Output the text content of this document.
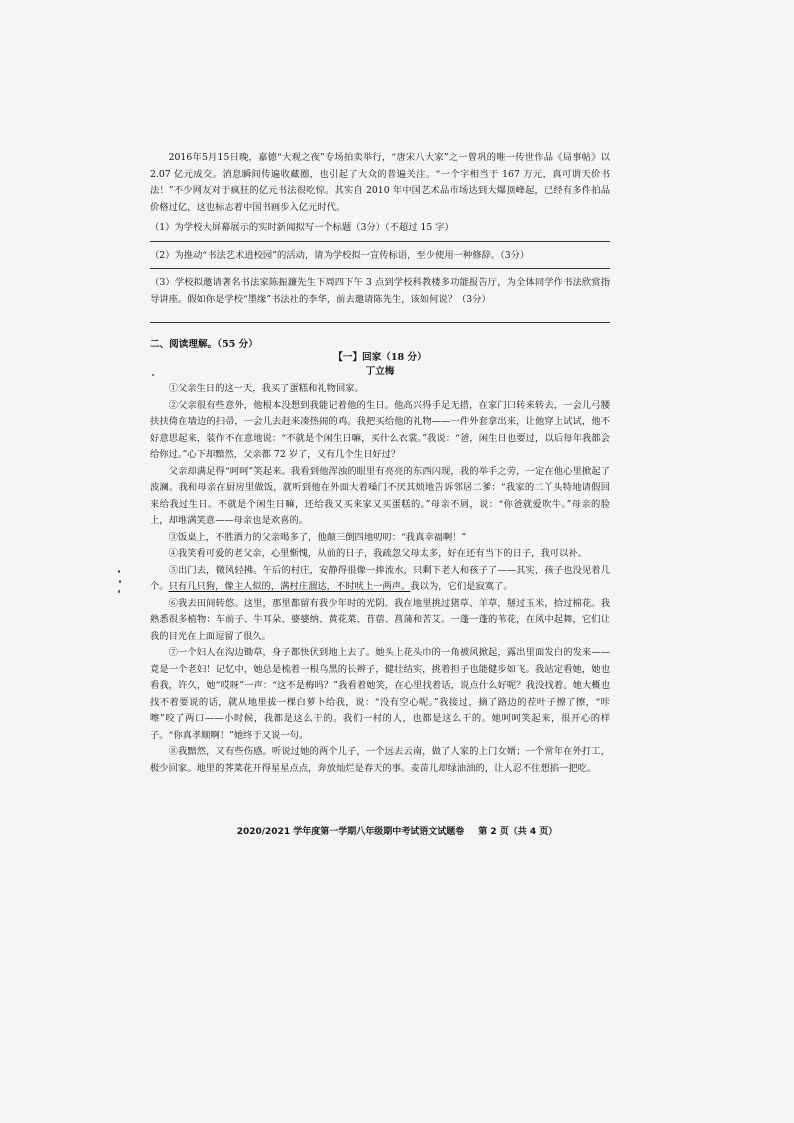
2016年5月15日晚，嘉德“大观之夜”专场拍卖举行，“唐宋八大家”之一曾巩的唯一传世作品《局事帖》以 2.07 亿元成交。消息瞬间传遍收藏圈，也引起了大众的普遍关注。“一个字相当于 167 万元，真可谓天价书法！”不少网友对于疯狂的亿元书法很吃惊。其实自 2010 年中国艺术品市场达到大爆顶峰起，已经有多件拍品价格过亿，这也标志着中国书画步入亿元时代。

（1）为学校大屏幕展示的实时新闻拟写一个标题（3分）（不超过 15 字）

（2）为推动“书法艺术进校园”的活动，请为学校拟一宣传标语，至少使用一种修辞。（3分）

（3）学校拟邀请著名书法家陈振濂先生下周四下午 3 点到学校科教楼多功能报告厅，为全体同学作书法欣赏指导讲座。假如你是学校“墨缘”书法社的李华，前去邀请陈先生，该如何说？（3分）

二、阅读理解。（55 分）
【一】回家（18 分）
丁立梅

①父亲生日的这一天，我买了蛋糕和礼物回家。

②父亲很有些意外，他根本没想到我能记着他的生日。他高兴得手足无措，在家门口转来转去，一会儿弓腰扶扶倚在墙边的扫帚，一会儿去赶来凑热闹的鸡。我把买给他的礼物——一件外套拿出来，让他穿上试试，他不好意思起来，装作不在意地说：“不就是个闲生日嘛，买什么衣裳。”我说：“爸，闲生日也要过，以后每年我都会给你过。”心下却黯然，父亲都 72 岁了，又有几个生日好过？

父亲却满足得“呵呵”笑起来。我看到他浑浊的眼里有亮亮的东西闪现，我的举手之劳，一定在他心里掀起了波澜。我和母亲在厨房里做饭，就听到他在外面大着嗓门不厌其烦地告诉邻居二爹：“我家的二丫头特地请假回来给我过生日。不就是个闲生日嘛，还给我又买来家又买蛋糕的。”母亲不屑，说：“你爸就爱吹牛。”母亲的脸上，却堆满笑意——母亲也是欢喜的。

③饭桌上，不胜酒力的父亲喝多了，他颠三倒四地叨叨：“我真幸福啊！”

④我笑看可爱的老父亲，心里惭愧，从前的日子，我疏忽父母太多，好在还有当下的日子，我可以补。

⑤出门去，微风轻拂。午后的村庄，安静得很像一捧流水，只剩下老人和孩子了——其实，孩子也没见着几个。只有几只狗，像主人似的，满村庄溜达，不时吠上一两声。我以为，它们是寂寞了。

⑥我去田间转悠。这里，那里都留有我少年时的光阴。我在地里挑过猪草、羊草，掰过玉米，拾过棉花。我熟悉很多植物：车前子、牛耳朵、婆婆纳、黄花菜、苜蓿、菖蒲和苦艾。一蓬一蓬的苇花，在风中起舞，它们让我的目光在上面逗留了很久。

⑦一个妇人在沟边锄草，身子都快伏到地上去了。她头上花头巾的一角被风掀起，露出里面发白的发来——竟是一个老妇！记忆中，她总是梳着一根乌黑的长辫子，健壮结实，挑着担子也能健步如飞。我站定看她，她也看我，许久，她“哎呀”一声：“这不是梅吗？”我看着她笑，在心里找着话，说点什么好呢？我没找着。她大概也找不着要说的话，就从地里拔一棵白萝卜给我，说：“没有空心呢。”我接过，摘了路边的茬叶子擦了擦，“咔嚓”咬了两口——小时候，我都是这么干的。我们一村的人，也都是这么干的。她呵呵笑起来，很开心的样子。“你真孝顺啊！”她终于又说一句。

⑧我黯然，又有些伤感。听说过她的两个儿子，一个远去云南，做了人家的上门女婿；一个常年在外打工，极少回家。地里的荠菜花开得星星点点，奔放灿烂是春天的事。麦苗儿却绿油油的，让人忍不住想掐一把吃。

2020/2021 学年度第一学期八年级期中考试语文试题卷 第 2 页（共 4 页）
